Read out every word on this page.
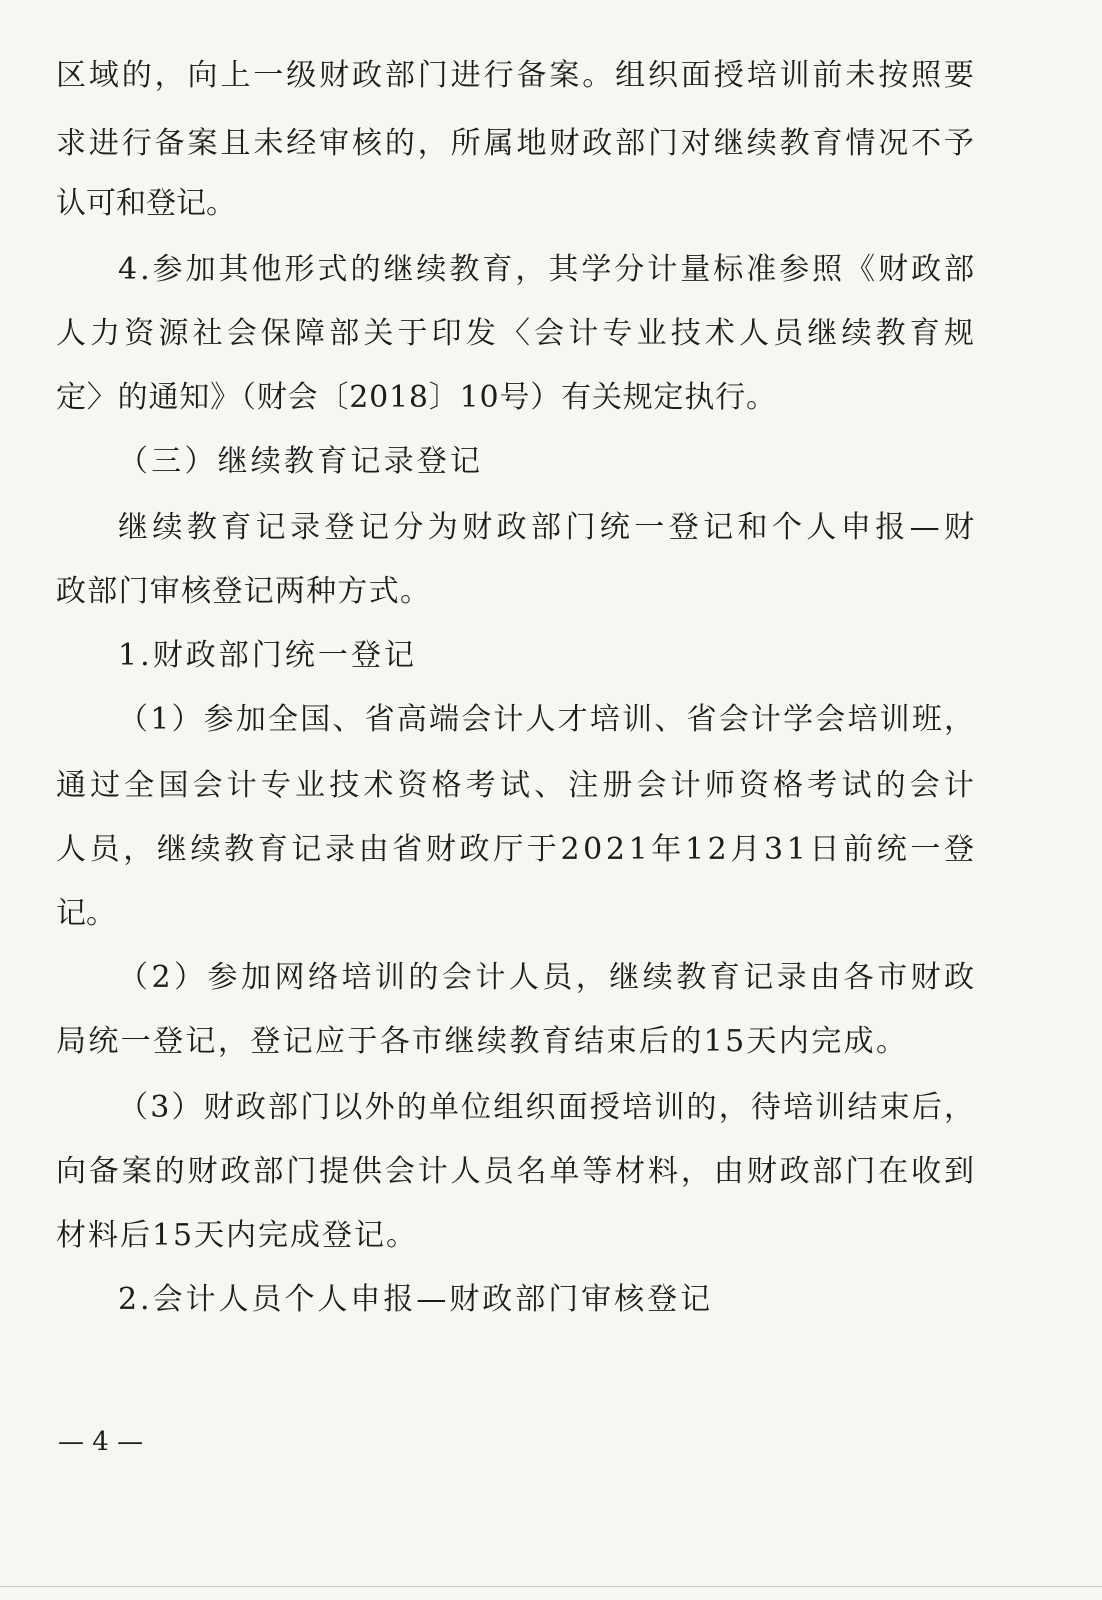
区域的，向上一级财政部门进行备案。组织面授培训前未按照要
求进行备案且未经审核的，所属地财政部门对继续教育情况不予
认可和登记。
4.参加其他形式的继续教育，其学分计量标准参照《财政部
人力资源社会保障部关于印发〈会计专业技术人员继续教育规
定〉的通知》（财会〔2018〕10号）有关规定执行。
（三）继续教育记录登记
继续教育记录登记分为财政部门统一登记和个人申报—财
政部门审核登记两种方式。
1.财政部门统一登记
（1）参加全国、省高端会计人才培训、省会计学会培训班，
通过全国会计专业技术资格考试、注册会计师资格考试的会计
人员，继续教育记录由省财政厅于2021年12月31日前统一登
记。
（2）参加网络培训的会计人员，继续教育记录由各市财政
局统一登记，登记应于各市继续教育结束后的15天内完成。
（3）财政部门以外的单位组织面授培训的，待培训结束后，
向备案的财政部门提供会计人员名单等材料，由财政部门在收到
材料后15天内完成登记。
2.会计人员个人申报—财政部门审核登记
— 4 —
